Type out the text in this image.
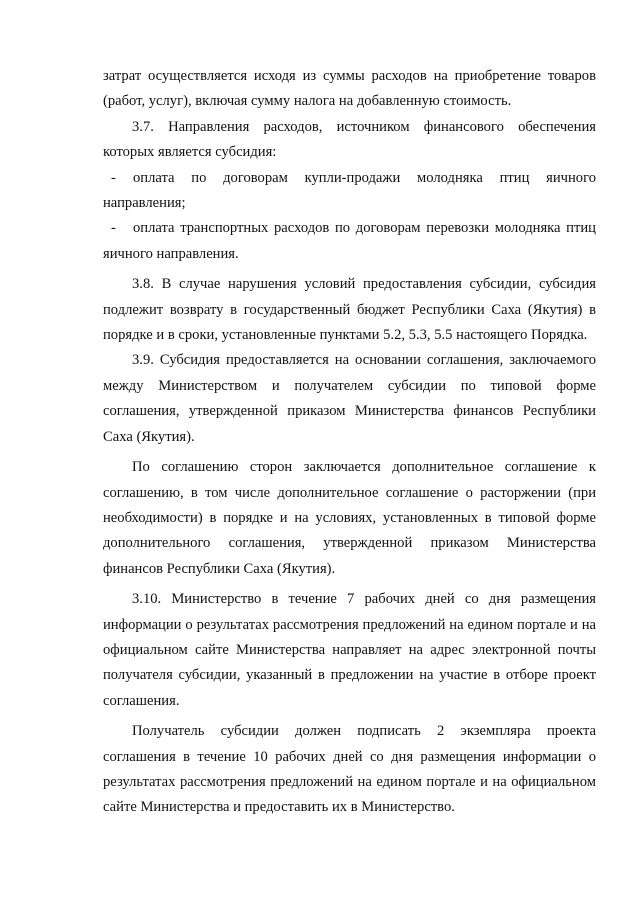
затрат осуществляется исходя из суммы расходов на приобретение товаров (работ, услуг), включая сумму налога на добавленную стоимость.

3.7. Направления расходов, источником финансового обеспечения которых является субсидия:

- оплата по договорам купли-продажи молодняка птиц яичного направления;

- оплата транспортных расходов по договорам перевозки молодняка птиц яичного направления.

3.8. В случае нарушения условий предоставления субсидии, субсидия подлежит возврату в государственный бюджет Республики Саха (Якутия) в порядке и в сроки, установленные пунктами 5.2, 5.3, 5.5 настоящего Порядка.

3.9. Субсидия предоставляется на основании соглашения, заключаемого между Министерством и получателем субсидии по типовой форме соглашения, утвержденной приказом Министерства финансов Республики Саха (Якутия).

По соглашению сторон заключается дополнительное соглашение к соглашению, в том числе дополнительное соглашение о расторжении (при необходимости) в порядке и на условиях, установленных в типовой форме дополнительного соглашения, утвержденной приказом Министерства финансов Республики Саха (Якутия).

3.10. Министерство в течение 7 рабочих дней со дня размещения информации о результатах рассмотрения предложений на едином портале и на официальном сайте Министерства направляет на адрес электронной почты получателя субсидии, указанный в предложении на участие в отборе проект соглашения.

Получатель субсидии должен подписать 2 экземпляра проекта соглашения в течение 10 рабочих дней со дня размещения информации о результатах рассмотрения предложений на едином портале и на официальном сайте Министерства и предоставить их в Министерство.
